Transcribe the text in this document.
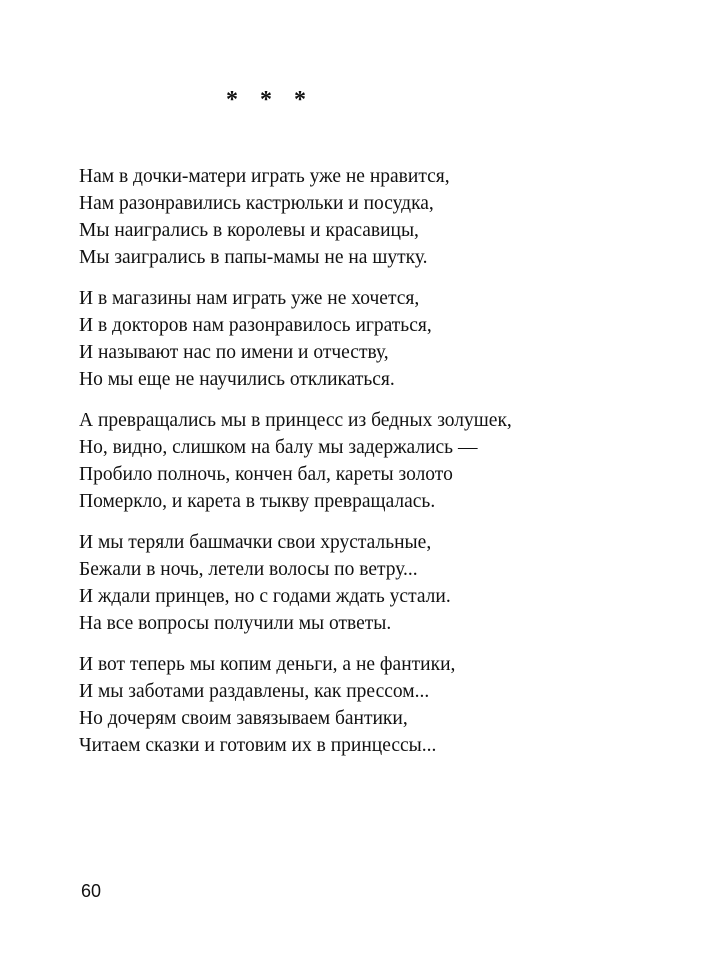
* * *
Нам в дочки-матери играть уже не нравится,
Нам разонравились кастрюльки и посудка,
Мы наигрались в королевы и красавицы,
Мы заигрались в папы-мамы не на шутку.
И в магазины нам играть уже не хочется,
И в докторов нам разонравилось играться,
И называют нас по имени и отчеству,
Но мы еще не научились откликаться.
А превращались мы в принцесс из бедных золушек,
Но, видно, слишком на балу мы задержались —
Пробило полночь, кончен бал, кареты золото
Померкло, и карета в тыкву превращалась.
И мы теряли башмачки свои хрустальные,
Бежали в ночь, летели волосы по ветру...
И ждали принцев, но с годами ждать устали.
На все вопросы получили мы ответы.
И вот теперь мы копим деньги, а не фантики,
И мы заботами раздавлены, как прессом...
Но дочерям своим завязываем бантики,
Читаем сказки и готовим их в принцессы...
60
